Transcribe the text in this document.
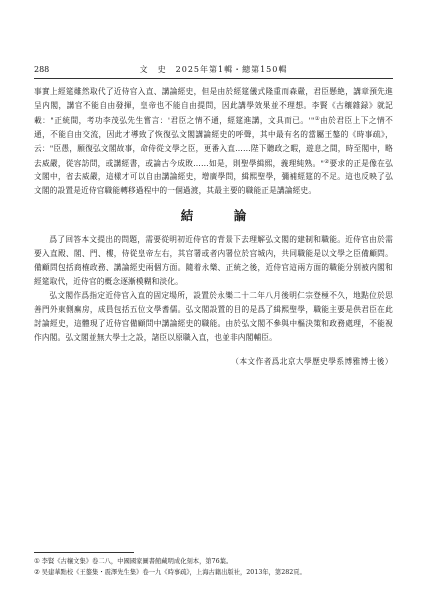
288	文　史　2025年第1輯・總第150輯

事實上經筵雖然取代了近侍官入直、講論經史，但是由於經筵儀式隆重而森嚴，君臣懸絶，講章預先進呈内閣，講官不能自由發揮，皇帝也不能自由提問，因此講學效果並不理想。李賢《古穰雜録》就記載："正統間，考功李茂弘先生嘗言：'君臣之情不通，經筵進講，文具而已。'"①由於君臣上下之情不通，不能自由交流，因此才導致了恢復弘文閣講論經史的呼聲，其中最有名的當屬王鏊的《時事疏》，云："臣愚，願復弘文閣故事，命侍從文學之臣，更番入直……陛下聽政之暇，遊息之間，時至閣中，略去威嚴，從容訪問，或講經書，或論古今成敗……如是，則聖學緝熙，義理純熟。"②要求的正是像在弘文閣中，省去威嚴，這樣才可以自由講論經史，增廣學問，緝熙聖學，彌補經筵的不足。這也反映了弘文閣的設置是近侍官職能轉移過程中的一個過渡，其最主要的職能正是講論經史。

結　論

爲了回答本文提出的問題，需要從明初近侍官的背景下去理解弘文閣的建制和職能。近侍官由於需要入直殿、閣、門、樓，侍從皇帝左右，其官署或者内署位於宫城内，共同職能是以文學之臣備顧問。備顧問包括商榷政務、講論經史兩個方面。隨着永樂、正統之後，近侍官這兩方面的職能分别被内閣和經筵取代，近侍官的概念逐漸模糊和淡化。

弘文閣作爲指定近侍官入直的固定場所，設置於永樂二十二年八月後明仁宗登極不久，地點位於思善門外東側廡房，成員包括五位文學耆儒。弘文閣設置的目的是爲了緝熙聖學，職能主要是供君臣在此討論經史，這體現了近侍官備顧問中講論經史的職能。由於弘文閣不參與中樞決策和政務處理，不能視作内閣。弘文閣並無大學士之設，諸臣以原職入直，也並非内閣輔臣。

（本文作者爲北京大學歷史學系博雅博士後）
① 李賢《古穰文集》卷二八，中國國家圖書館藏明成化刻本，第76葉。
② 吴建華點校《王鏊集・震澤先生集》卷一九《時事疏》，上海古籍出版社，2013年，第282頁。
